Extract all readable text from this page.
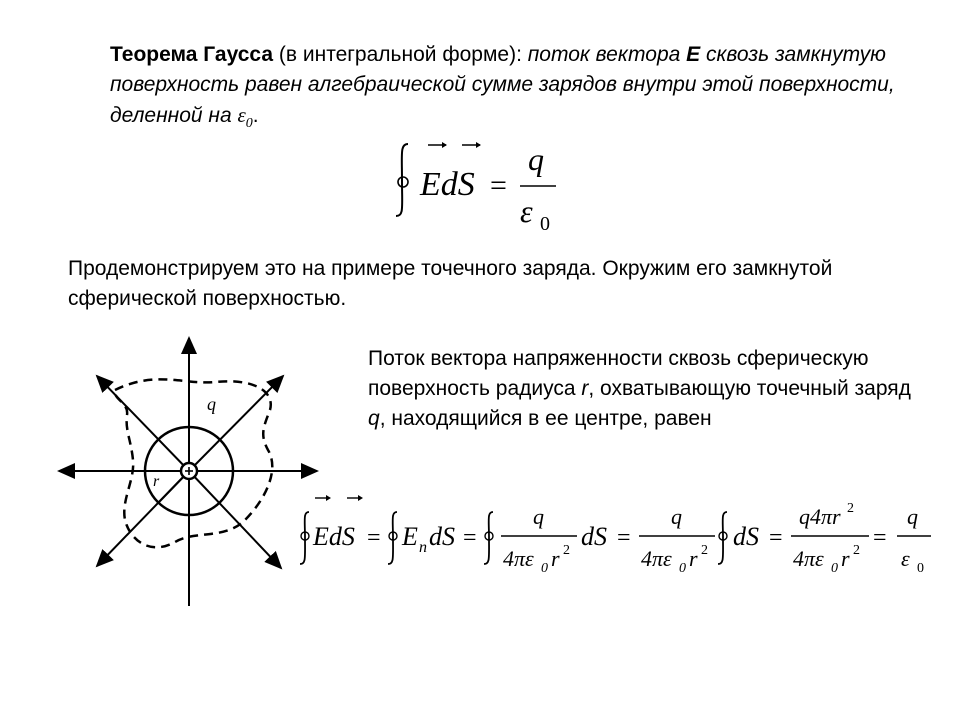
Теорема Гаусса (в интегральной форме): поток вектора E сквозь замкнутую поверхность равен алгебраической сумме зарядов внутри этой поверхности, деленной на $\varepsilon_0$.
EdS =
q
ε 0
Продемонстрируем это на примере точечного заряда. Окружим его замкнутой сферической поверхностью.
q
r
Поток вектора напряженности сквозь сферическую поверхность радиуса r, охватывающую точечный заряд q, находящийся в ее центре, равен
EdS = E n dS =
q
4πε 0 r 2 dS =
q
4πε 0 r 2 dS =
q4πr 2
4πε 0 r 2 =
q
ε 0
